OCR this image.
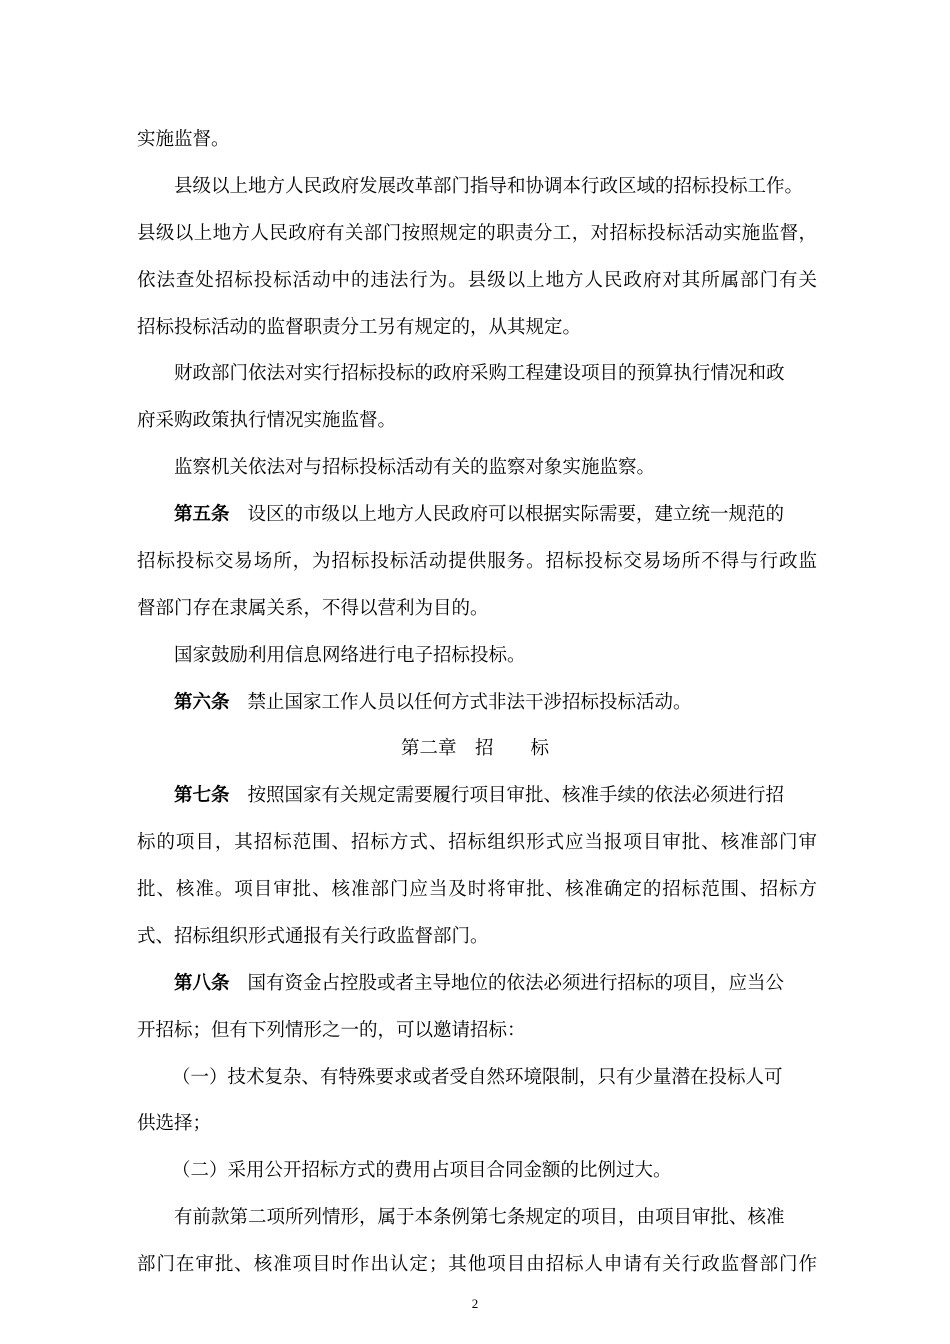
实施监督。
县级以上地方人民政府发展改革部门指导和协调本行政区域的招标投标工作。
县级以上地方人民政府有关部门按照规定的职责分工，对招标投标活动实施监督，
依法查处招标投标活动中的违法行为。县级以上地方人民政府对其所属部门有关
招标投标活动的监督职责分工另有规定的，从其规定。
财政部门依法对实行招标投标的政府采购工程建设项目的预算执行情况和政
府采购政策执行情况实施监督。
监察机关依法对与招标投标活动有关的监察对象实施监察。
第五条 设区的市级以上地方人民政府可以根据实际需要，建立统一规范的
招标投标交易场所，为招标投标活动提供服务。招标投标交易场所不得与行政监
督部门存在隶属关系，不得以营利为目的。
国家鼓励利用信息网络进行电子招标投标。
第六条 禁止国家工作人员以任何方式非法干涉招标投标活动。
第二章　招　　标
第七条 按照国家有关规定需要履行项目审批、核准手续的依法必须进行招
标的项目，其招标范围、招标方式、招标组织形式应当报项目审批、核准部门审
批、核准。项目审批、核准部门应当及时将审批、核准确定的招标范围、招标方
式、招标组织形式通报有关行政监督部门。
第八条 国有资金占控股或者主导地位的依法必须进行招标的项目，应当公
开招标；但有下列情形之一的，可以邀请招标：
（一）技术复杂、有特殊要求或者受自然环境限制，只有少量潜在投标人可
供选择；
（二）采用公开招标方式的费用占项目合同金额的比例过大。
有前款第二项所列情形，属于本条例第七条规定的项目，由项目审批、核准
部门在审批、核准项目时作出认定；其他项目由招标人申请有关行政监督部门作
2
